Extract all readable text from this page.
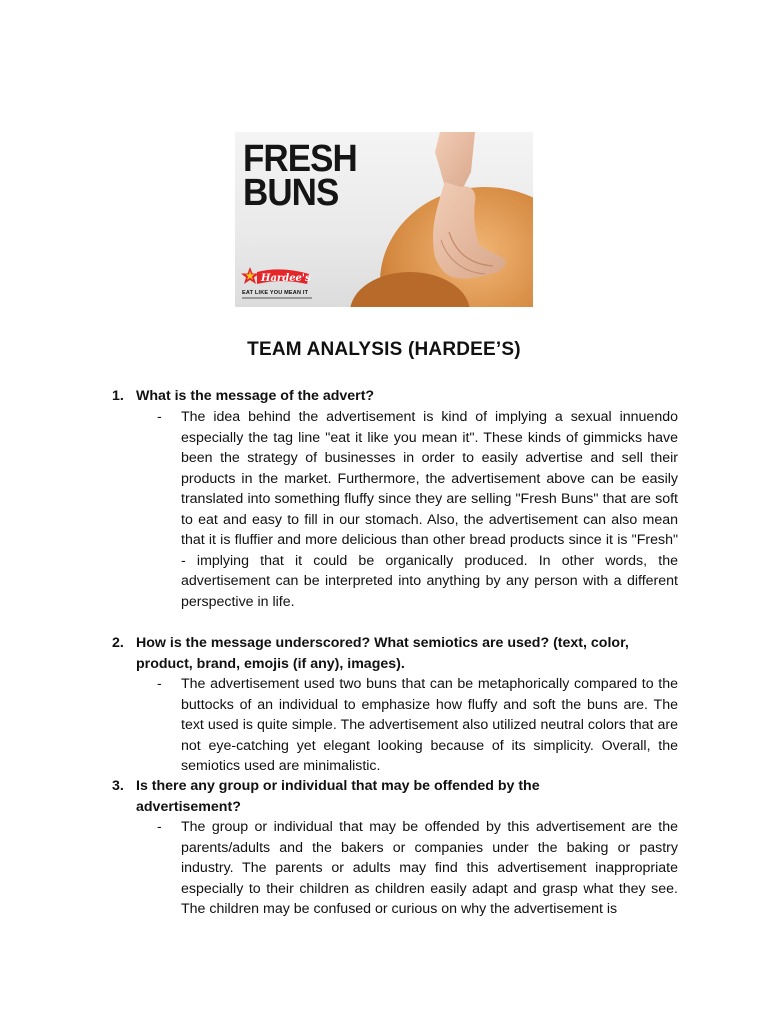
FRESH
BUNS
Hardee's
EAT LIKE YOU MEAN IT
TEAM ANALYSIS (HARDEE’S)
1. What is the message of the advert?
- The idea behind the advertisement is kind of implying a sexual innuendo especially the tag line "eat it like you mean it". These kinds of gimmicks have been the strategy of businesses in order to easily advertise and sell their products in the market. Furthermore, the advertisement above can be easily translated into something fluffy since they are selling "Fresh Buns" that are soft to eat and easy to fill in our stomach. Also, the advertisement can also mean that it is fluffier and more delicious than other bread products since it is "Fresh" - implying that it could be organically produced. In other words, the advertisement can be interpreted into anything by any person with a different perspective in life.
2. How is the message underscored? What semiotics are used? (text, color, product, brand, emojis (if any), images).
- The advertisement used two buns that can be metaphorically compared to the buttocks of an individual to emphasize how fluffy and soft the buns are. The text used is quite simple. The advertisement also utilized neutral colors that are not eye-catching yet elegant looking because of its simplicity. Overall, the semiotics used are minimalistic.
3. Is there any group or individual that may be offended by the advertisement?
- The group or individual that may be offended by this advertisement are the parents/adults and the bakers or companies under the baking or pastry industry. The parents or adults may find this advertisement inappropriate especially to their children as children easily adapt and grasp what they see. The children may be confused or curious on why the advertisement is
